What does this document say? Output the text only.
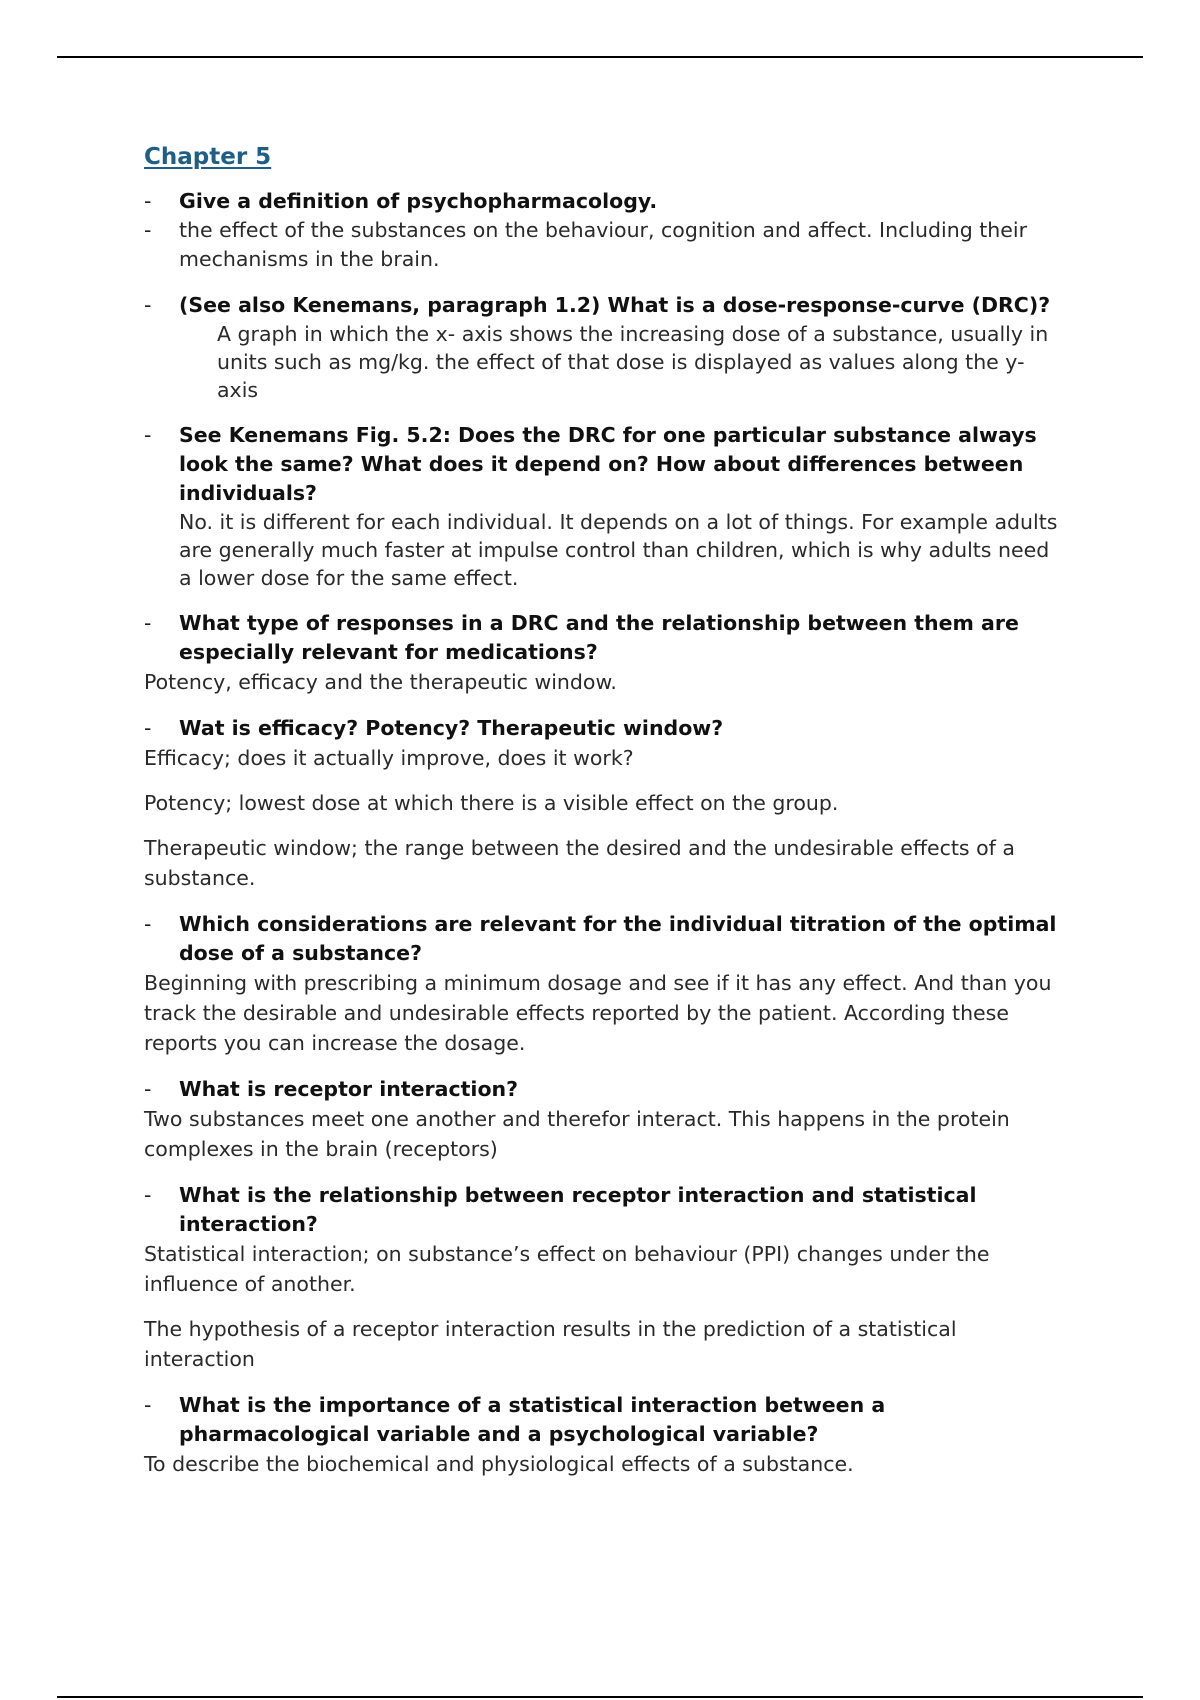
Chapter 5
-	Give a definition of psychopharmacology.
-	the effect of the substances on the behaviour, cognition and affect. Including their mechanisms in the brain.
-	(See also Kenemans, paragraph 1.2) What is a dose-response-curve (DRC)?
A graph in which the x- axis shows the increasing dose of a substance, usually in units such as mg/kg. the effect of that dose is displayed as values along the y- axis
-	See Kenemans Fig. 5.2: Does the DRC for one particular substance always look the same? What does it depend on? How about differences between individuals?
No. it is different for each individual. It depends on a lot of things. For example adults are generally much faster at impulse control than children, which is why adults need a lower dose for the same effect.
-	What type of responses in a DRC and the relationship between them are especially relevant for medications?
Potency, efficacy and the therapeutic window.
-	Wat is efficacy? Potency? Therapeutic window?
Efficacy; does it actually improve, does it work?
Potency; lowest dose at which there is a visible effect on the group.
Therapeutic window; the range between the desired and the undesirable effects of a substance.
-	Which considerations are relevant for the individual titration of the optimal dose of a substance?
Beginning with prescribing a minimum dosage and see if it has any effect. And than you track the desirable and undesirable effects reported by the patient. According these reports you can increase the dosage.
-	What is receptor interaction?
Two substances meet one another and therefor interact. This happens in the protein complexes in the brain (receptors)
-	What is the relationship between receptor interaction and statistical interaction?
Statistical interaction; on substance’s effect on behaviour (PPI) changes under the influence of another.
The hypothesis of a receptor interaction results in the prediction of a statistical interaction
-	What is the importance of a statistical interaction between a pharmacological variable and a psychological variable?
To describe the biochemical and physiological effects of a substance.
